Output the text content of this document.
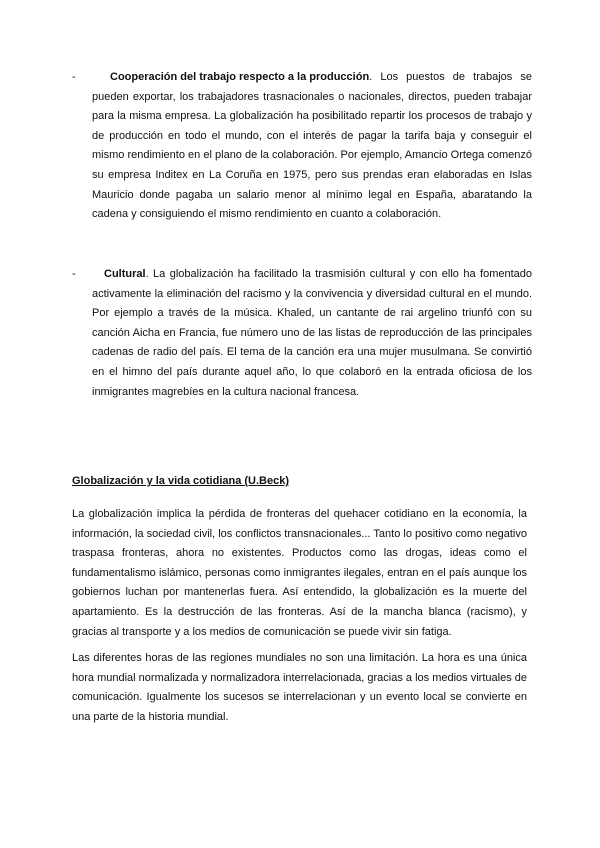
-	Cooperación del trabajo respecto a la producción. Los puestos de trabajos se pueden exportar, los trabajadores trasnacionales o nacionales, directos, pueden trabajar para la misma empresa. La globalización ha posibilitado repartir los procesos de trabajo y de producción en todo el mundo, con el interés de pagar la tarifa baja y conseguir el mismo rendimiento en el plano de la colaboración. Por ejemplo, Amancio Ortega comenzó su empresa Inditex en La Coruña en 1975, pero sus prendas eran elaboradas en Islas Mauricio donde pagaba un salario menor al mínimo legal en España, abaratando la cadena y consiguiendo el mismo rendimiento en cuanto a colaboración.
-	Cultural. La globalización ha facilitado la trasmisión cultural y con ello ha fomentado activamente la eliminación del racismo y la convivencia y diversidad cultural en el mundo. Por ejemplo a través de la música. Khaled, un cantante de rai argelino triunfó con su canción Aicha en Francia, fue número uno de las listas de reproducción de las principales cadenas de radio del país. El tema de la canción era una mujer musulmana. Se convirtió en el himno del país durante aquel año, lo que colaboró en la entrada oficiosa de los inmigrantes magrebíes en la cultura nacional francesa.
Globalización y la vida cotidiana (U.Beck)

La globalización implica la pérdida de fronteras del quehacer cotidiano en la economía, la información, la sociedad civil, los conflictos transnacionales... Tanto lo positivo como negativo traspasa fronteras, ahora no existentes. Productos como las drogas, ideas como el fundamentalismo islámico, personas como inmigrantes ilegales, entran en el país aunque los gobiernos luchan por mantenerlas fuera. Así entendido, la globalización es la muerte del apartamiento. Es la destrucción de las fronteras. Así de la mancha blanca (racismo), y gracias al transporte y a los medios de comunicación se puede vivir sin fatiga.

Las diferentes horas de las regiones mundiales no son una limitación. La hora es una única hora mundial normalizada y normalizadora interrelacionada, gracias a los medios virtuales de comunicación. Igualmente los sucesos se interrelacionan y un evento local se convierte en una parte de la historia mundial.
